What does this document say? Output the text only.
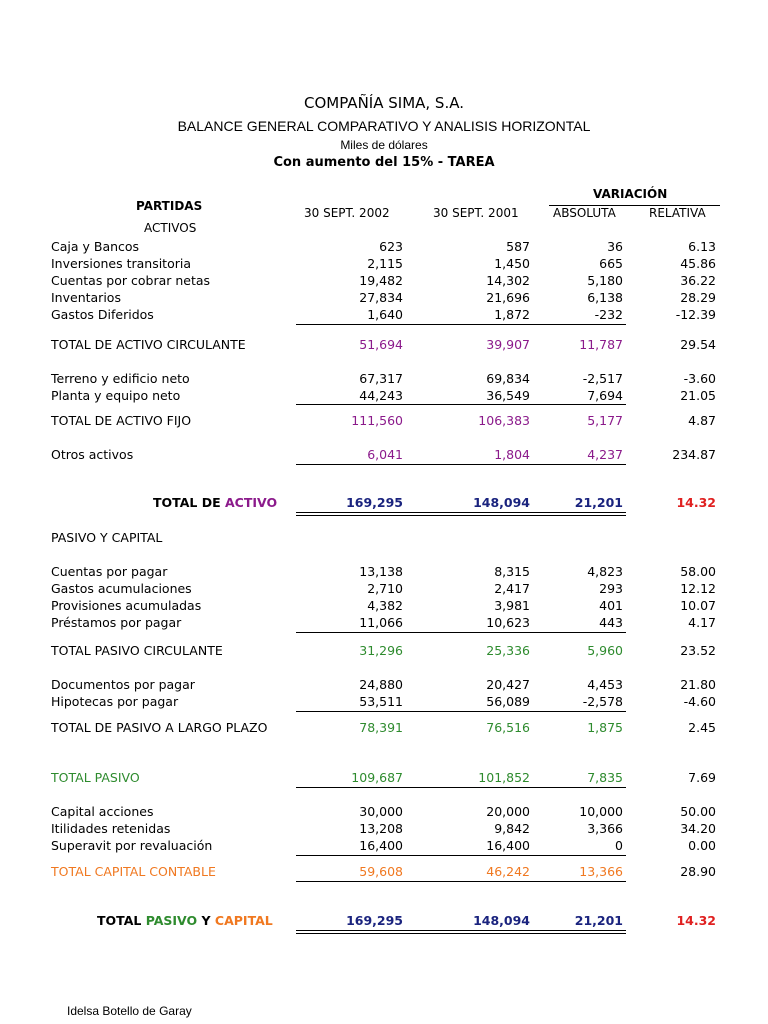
COMPAÑÍA SIMA, S.A.
BALANCE GENERAL COMPARATIVO Y ANALISIS HORIZONTAL
Miles de dólares
Con aumento del 15% - TAREA
PARTIDAS
VARIACIÓN
30 SEPT. 2002	30 SEPT. 2001	ABSOLUTA	RELATIVA
ACTIVOS
Caja y Bancos	623	587	36	6.13
Inversiones transitoria	2,115	1,450	665	45.86
Cuentas por cobrar netas	19,482	14,302	5,180	36.22
Inventarios	27,834	21,696	6,138	28.29
Gastos Diferidos	1,640	1,872	-232	-12.39
TOTAL DE ACTIVO CIRCULANTE	51,694	39,907	11,787	29.54
Terreno y edificio neto	67,317	69,834	-2,517	-3.60
Planta y equipo neto	44,243	36,549	7,694	21.05
TOTAL DE ACTIVO FIJO	111,560	106,383	5,177	4.87
Otros activos	6,041	1,804	4,237	234.87
TOTAL DE ACTIVO	169,295	148,094	21,201	14.32
PASIVO Y CAPITAL
Cuentas por pagar	13,138	8,315	4,823	58.00
Gastos acumulaciones	2,710	2,417	293	12.12
Provisiones acumuladas	4,382	3,981	401	10.07
Préstamos por pagar	11,066	10,623	443	4.17
TOTAL PASIVO CIRCULANTE	31,296	25,336	5,960	23.52
Documentos por pagar	24,880	20,427	4,453	21.80
Hipotecas por pagar	53,511	56,089	-2,578	-4.60
TOTAL DE PASIVO A LARGO PLAZO	78,391	76,516	1,875	2.45
TOTAL PASIVO	109,687	101,852	7,835	7.69
Capital acciones	30,000	20,000	10,000	50.00
Itilidades retenidas	13,208	9,842	3,366	34.20
Superavit por revaluación	16,400	16,400	0	0.00
TOTAL CAPITAL CONTABLE	59,608	46,242	13,366	28.90
TOTAL PASIVO Y CAPITAL	169,295	148,094	21,201	14.32
Idelsa Botello de Garay
